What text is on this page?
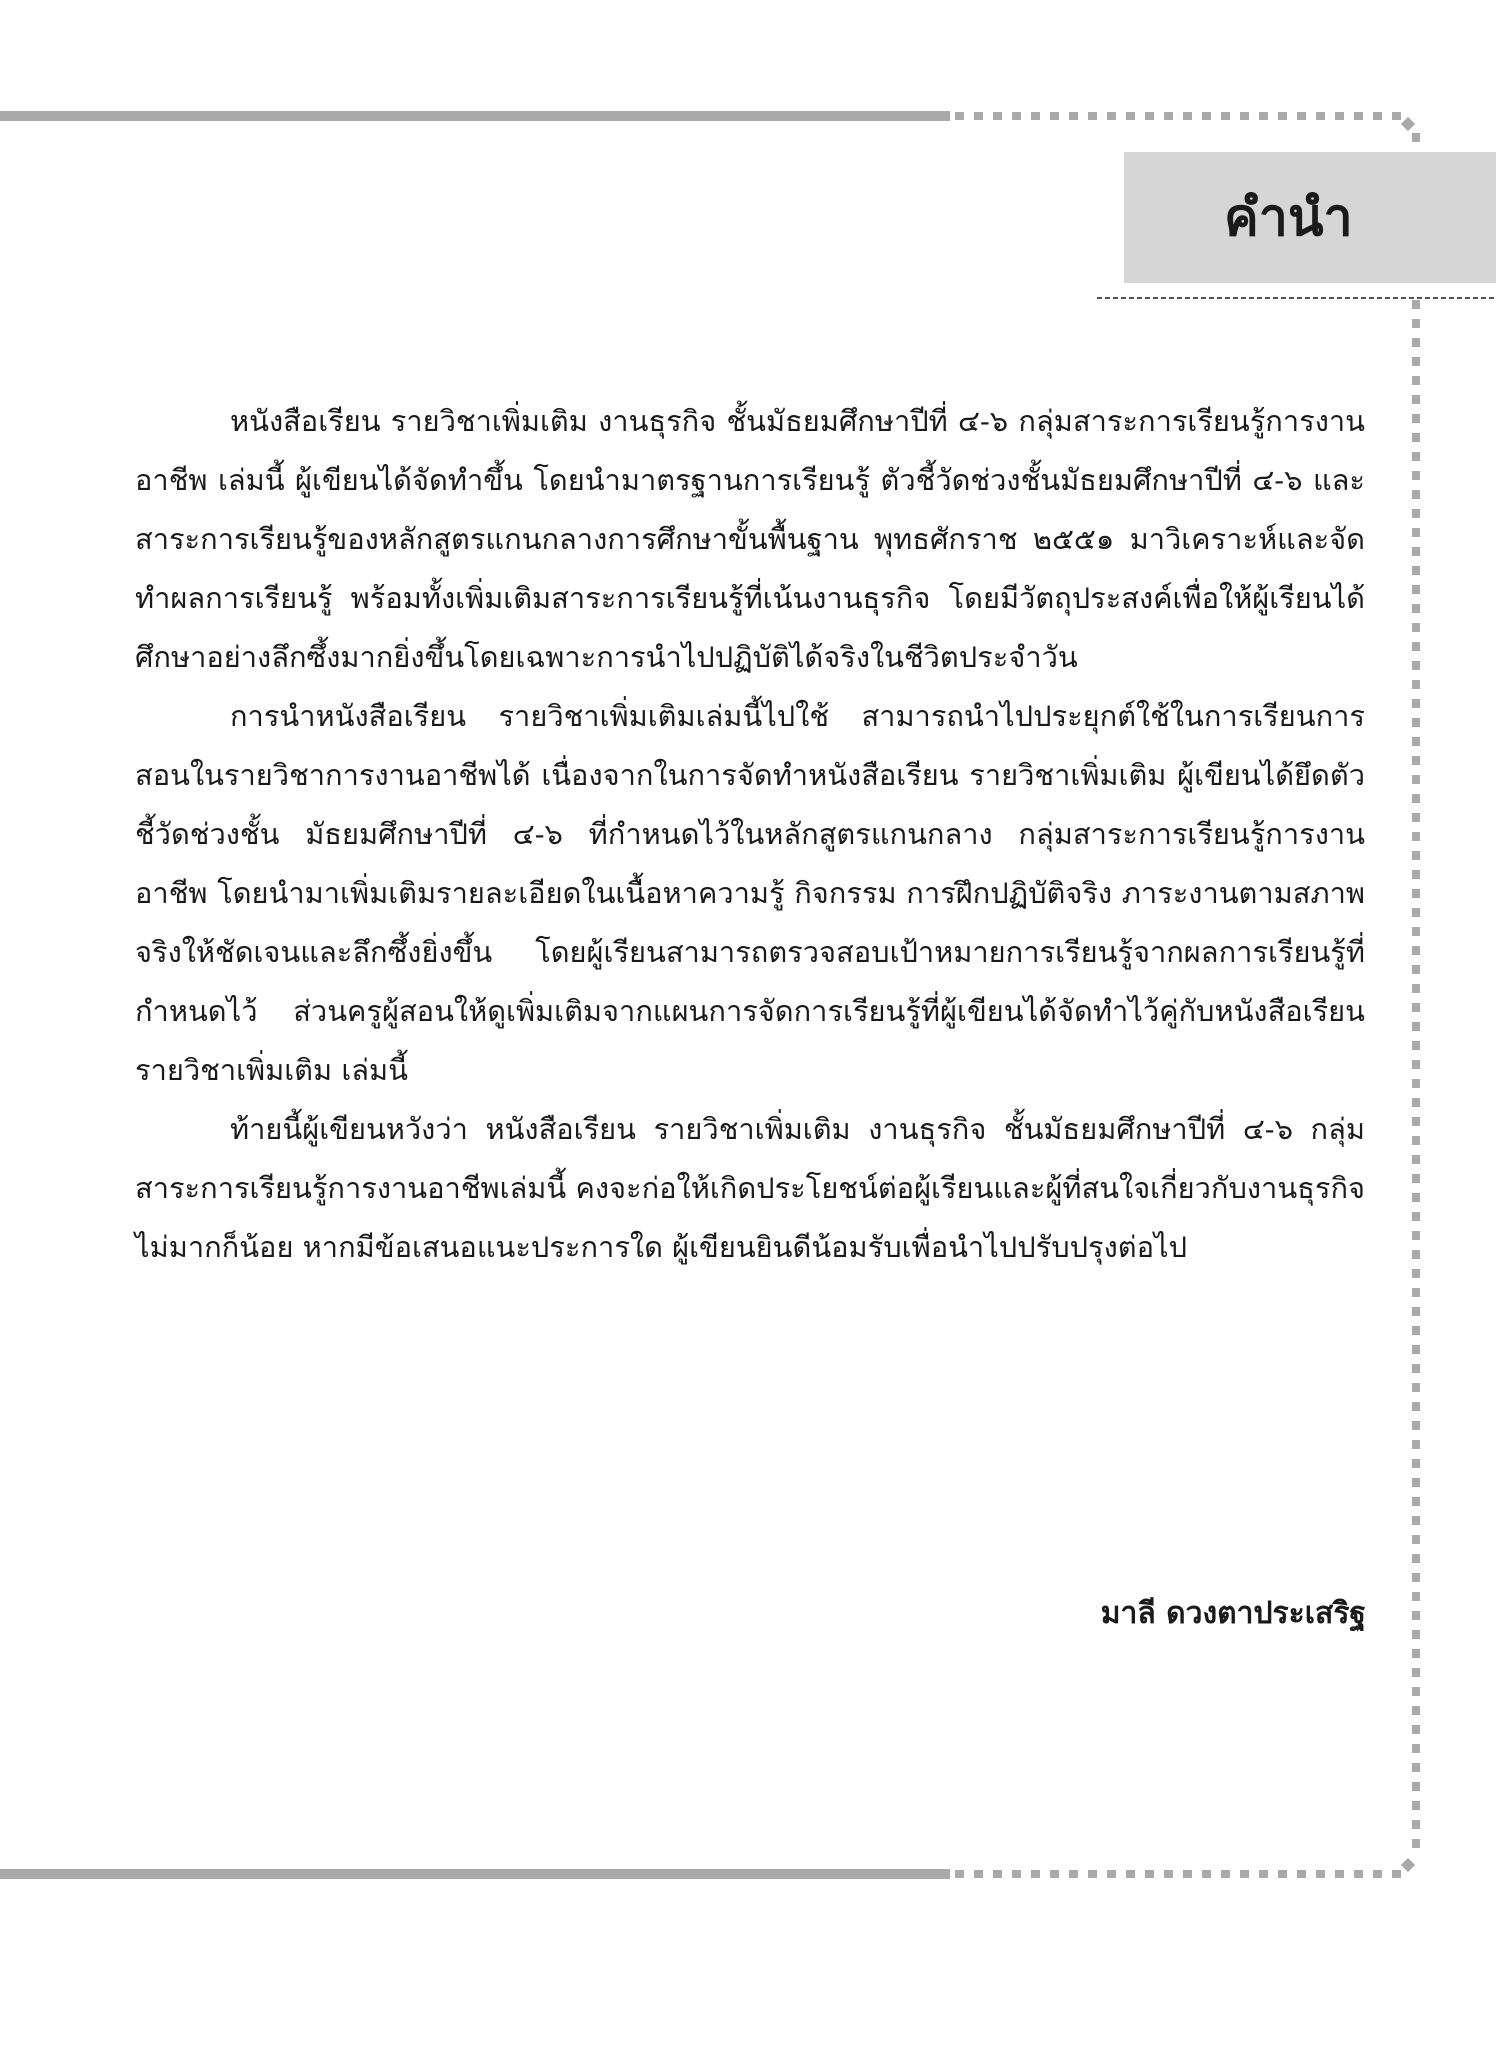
คำนำ

หนังสือเรียน รายวิชาเพิ่มเติม งานธุรกิจ ชั้นมัธยมศึกษาปีที่ ๔-๖ กลุ่มสาระการเรียนรู้การงานอาชีพ เล่มนี้ ผู้เขียนได้จัดทำขึ้น โดยนำมาตรฐานการเรียนรู้ ตัวชี้วัดช่วงชั้นมัธยมศึกษาปีที่ ๔-๖ และสาระการเรียนรู้ของหลักสูตรแกนกลางการศึกษาขั้นพื้นฐาน พุทธศักราช ๒๕๕๑ มาวิเคราะห์และจัดทำผลการเรียนรู้ พร้อมทั้งเพิ่มเติมสาระการเรียนรู้ที่เน้นงานธุรกิจ โดยมีวัตถุประสงค์เพื่อให้ผู้เรียนได้ศึกษาอย่างลึกซึ้งมากยิ่งขึ้นโดยเฉพาะการนำไปปฏิบัติได้จริงในชีวิตประจำวัน

การนำหนังสือเรียน รายวิชาเพิ่มเติมเล่มนี้ไปใช้ สามารถนำไปประยุกต์ใช้ในการเรียนการสอนในรายวิชาการงานอาชีพได้ เนื่องจากในการจัดทำหนังสือเรียน รายวิชาเพิ่มเติม ผู้เขียนได้ยึดตัวชี้วัดช่วงชั้น มัธยมศึกษาปีที่ ๔-๖ ที่กำหนดไว้ในหลักสูตรแกนกลาง กลุ่มสาระการเรียนรู้การงานอาชีพ โดยนำมาเพิ่มเติมรายละเอียดในเนื้อหาความรู้ กิจกรรม การฝึกปฏิบัติจริง ภาระงานตามสภาพจริงให้ชัดเจนและลึกซึ้งยิ่งขึ้น โดยผู้เรียนสามารถตรวจสอบเป้าหมายการเรียนรู้จากผลการเรียนรู้ที่กำหนดไว้ ส่วนครูผู้สอนให้ดูเพิ่มเติมจากแผนการจัดการเรียนรู้ที่ผู้เขียนได้จัดทำไว้คู่กับหนังสือเรียน รายวิชาเพิ่มเติม เล่มนี้

ท้ายนี้ผู้เขียนหวังว่า หนังสือเรียน รายวิชาเพิ่มเติม งานธุรกิจ ชั้นมัธยมศึกษาปีที่ ๔-๖ กลุ่มสาระการเรียนรู้การงานอาชีพเล่มนี้ คงจะก่อให้เกิดประโยชน์ต่อผู้เรียนและผู้ที่สนใจเกี่ยวกับงานธุรกิจไม่มากก็น้อย หากมีข้อเสนอแนะประการใด ผู้เขียนยินดีน้อมรับเพื่อนำไปปรับปรุงต่อไป

มาลี ดวงตาประเสริฐ
